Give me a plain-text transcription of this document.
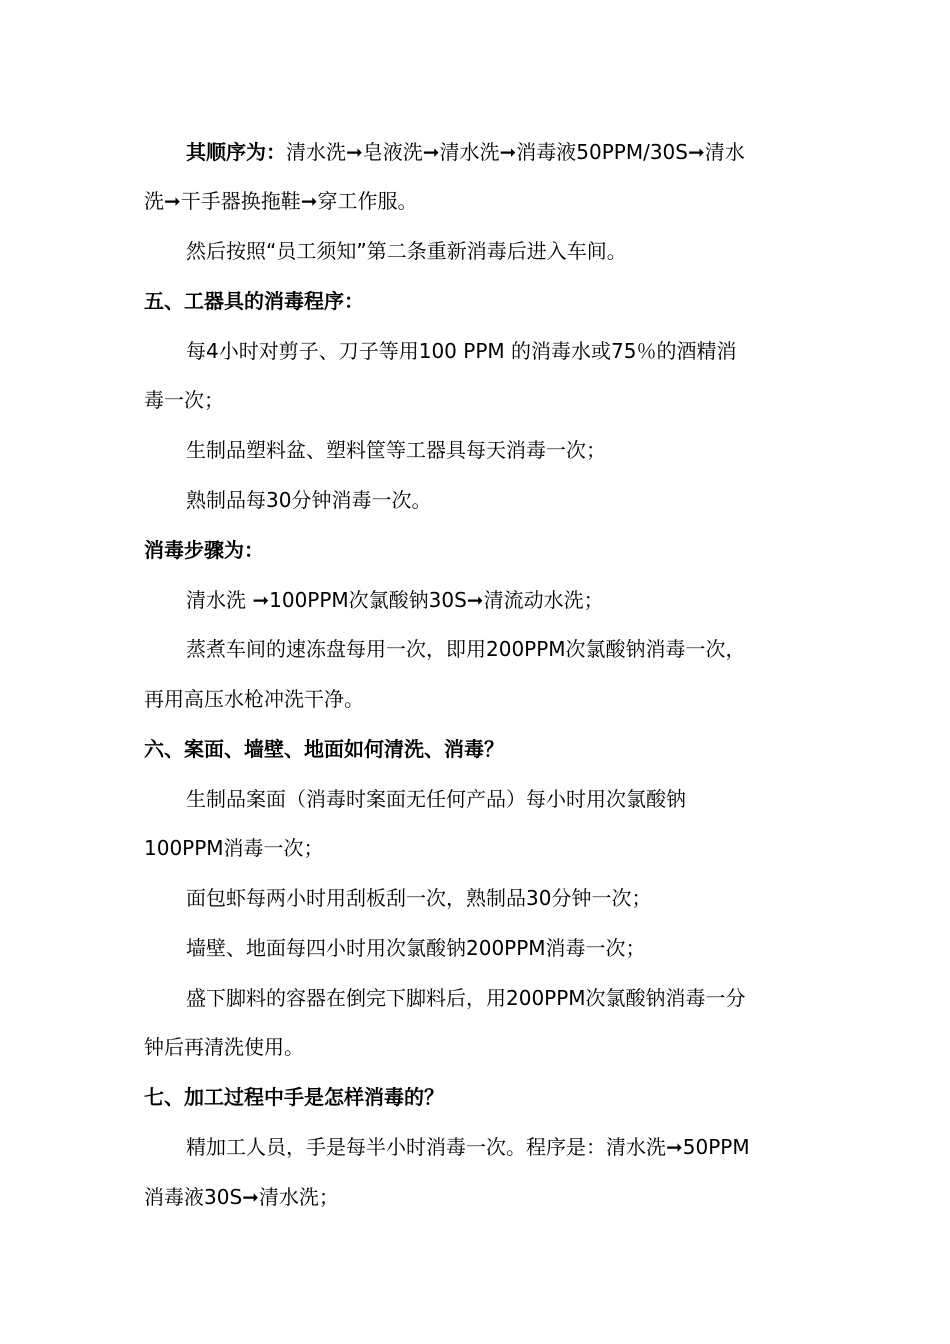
其顺序为：清水洗➞皂液洗➞清水洗➞消毒液50PPM/30S➞清水
洗➞干手器换拖鞋➞穿工作服。
然后按照“员工须知”第二条重新消毒后进入车间。
五、工器具的消毒程序：
每4小时对剪子、刀子等用100 PPM 的消毒水或75％的酒精消
毒一次；
生制品塑料盆、塑料筐等工器具每天消毒一次；
熟制品每30分钟消毒一次。
消毒步骤为：
清水洗 ➞100PPM次氯酸钠30S➞清流动水洗；
蒸煮车间的速冻盘每用一次，即用200PPM次氯酸钠消毒一次，
再用高压水枪冲洗干净。
六、案面、墙壁、地面如何清洗、消毒？
生制品案面（消毒时案面无任何产品）每小时用次氯酸钠
100PPM消毒一次；
面包虾每两小时用刮板刮一次，熟制品30分钟一次；
墙壁、地面每四小时用次氯酸钠200PPM消毒一次；
盛下脚料的容器在倒完下脚料后，用200PPM次氯酸钠消毒一分
钟后再清洗使用。
七、加工过程中手是怎样消毒的？
精加工人员，手是每半小时消毒一次。程序是：清水洗➞50PPM
消毒液30S➞清水洗；
